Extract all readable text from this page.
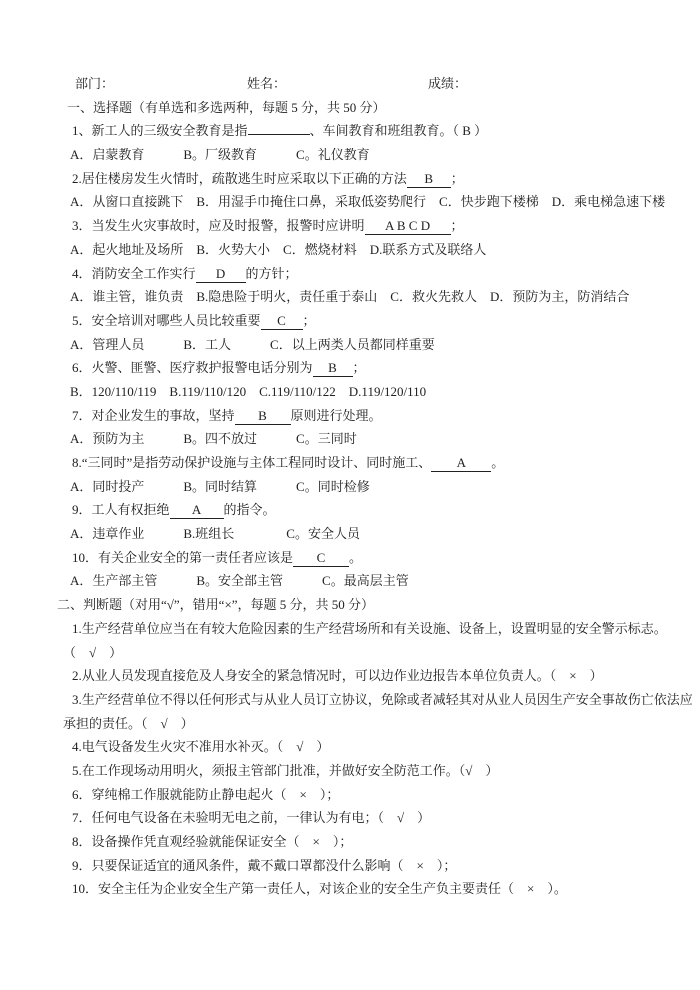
部门：	姓名：	成绩：
一、选择题（有单选和多选两种，每题 5 分，共 50 分）
1、新工人的三级安全教育是指	、车间教育和班组教育。（ B ）
A．启蒙教育　　　B。厂级教育　　　C。礼仪教育
2.居住楼房发生火情时，疏散逃生时应采取以下正确的方法 B ；
A．从窗口直接跳下　B．用湿手巾掩住口鼻，采取低姿势爬行　C．快步跑下楼梯　D．乘电梯急速下楼
3．当发生火灾事故时，应及时报警，报警时应讲明 A B C D ；
A．起火地址及场所　B．火势大小　C．燃烧材料　D.联系方式及联络人
4．消防安全工作实行 D 的方针；
A．谁主管，谁负责　B.隐患险于明火，责任重于泰山　C．救火先救人　D．预防为主，防消结合
5．安全培训对哪些人员比较重要 C ；
A．管理人员　　　B．工人　　　C．以上两类人员都同样重要
6．火警、匪警、医疗救护报警电话分别为 B ；
B．120/110/119　B.119/110/120　C.119/110/122　D.119/120/110
7．对企业发生的事故，坚持 B 原则进行处理。
A．预防为主　　　B。四不放过　　　C。三同时
8.“三同时”是指劳动保护设施与主体工程同时设计、同时施工、 A 。
A．同时投产　　　B。同时结算　　　C。同时检修
9．工人有权拒绝 A 的指令。
A．违章作业　　　B.班组长　　　　C。安全人员
10．有关企业安全的第一责任者应该是 C 。
A．生产部主管　　　B。安全部主管　　　C。最高层主管
二、判断题（对用“√”，错用“×”，每题 5 分，共 50 分）
1.生产经营单位应当在有较大危险因素的生产经营场所和有关设施、设备上，设置明显的安全警示标志。
（　√　）
2.从业人员发现直接危及人身安全的紧急情况时，可以边作业边报告本单位负责人。（　×　）
3.生产经营单位不得以任何形式与从业人员订立协议，免除或者减轻其对从业人员因生产安全事故伤亡依法应
承担的责任。（　√　）
4.电气设备发生火灾不准用水补灭。（　√　）
5.在工作现场动用明火，须报主管部门批准，并做好安全防范工作。（√　）
6．穿纯棉工作服就能防止静电起火（　×　）；
7．任何电气设备在未验明无电之前，一律认为有电；（　√　）
8．设备操作凭直观经验就能保证安全（　×　）；
9．只要保证适宜的通风条件，戴不戴口罩都没什么影响（　×　）；
10．安全主任为企业安全生产第一责任人，对该企业的安全生产负主要责任（　×　）。
